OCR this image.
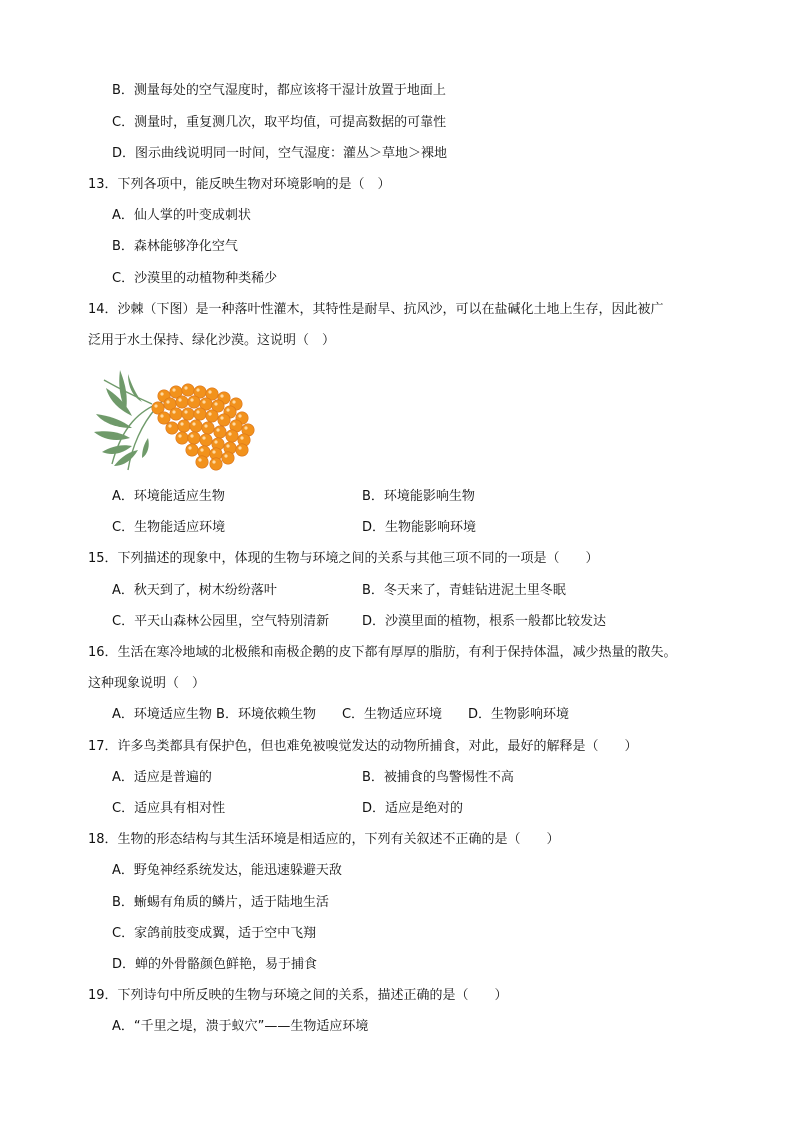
B．测量每处的空气湿度时，都应该将干湿计放置于地面上
C．测量时，重复测几次，取平均值，可提高数据的可靠性
D．图示曲线说明同一时间，空气湿度：灌丛＞草地＞裸地
13．下列各项中，能反映生物对环境影响的是（　）
A．仙人掌的叶变成刺状
B．森林能够净化空气
C．沙漠里的动植物种类稀少
14．沙棘（下图）是一种落叶性灌木，其特性是耐旱、抗风沙，可以在盐碱化土地上生存，因此被广
泛用于水土保持、绿化沙漠。这说明（　）
A．环境能适应生物	B．环境能影响生物
C．生物能适应环境	D．生物能影响环境
15．下列描述的现象中，体现的生物与环境之间的关系与其他三项不同的一项是（　　）
A．秋天到了，树木纷纷落叶	B．冬天来了，青蛙钻进泥土里冬眠
C．平天山森林公园里，空气特别清新	D．沙漠里面的植物，根系一般都比较发达
16．生活在寒冷地域的北极熊和南极企鹅的皮下都有厚厚的脂肪，有利于保持体温，减少热量的散失。
这种现象说明（　）
A．环境适应生物 B．环境依赖生物　　C．生物适应环境　　D．生物影响环境
17．许多鸟类都具有保护色，但也难免被嗅觉发达的动物所捕食，对此，最好的解释是（　　）
A．适应是普遍的	B．被捕食的鸟警惕性不高
C．适应具有相对性	D．适应是绝对的
18．生物的形态结构与其生活环境是相适应的，下列有关叙述不正确的是（　　）
A．野兔神经系统发达，能迅速躲避天敌
B．蜥蜴有角质的鳞片，适于陆地生活
C．家鸽前肢变成翼，适于空中飞翔
D．蝉的外骨骼颜色鲜艳，易于捕食
19．下列诗句中所反映的生物与环境之间的关系，描述正确的是（　　）
A．“千里之堤，溃于蚁穴”——生物适应环境
